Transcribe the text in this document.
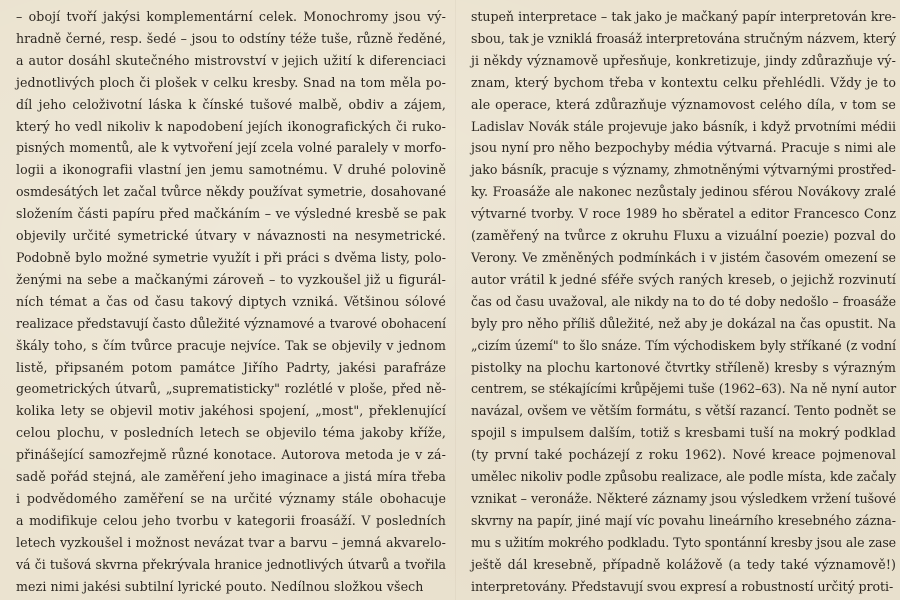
– obojí tvoří jakýsi komplementární celek. Monochromy jsou vý-
hradně černé, resp. šedé – jsou to odstíny téže tuše, různě ředěné,
a autor dosáhl skutečného mistrovství v jejich užití k diferenciaci
jednotlivých ploch či plošek v celku kresby. Snad na tom měla po-
díl jeho celoživotní láska k čínské tušové malbě, obdiv a zájem,
který ho vedl nikoliv k napodobení jejích ikonografických či ruko-
pisných momentů, ale k vytvoření její zcela volné paralely v morfo-
logii a ikonografii vlastní jen jemu samotnému. V druhé polovině
osmdesátých let začal tvůrce někdy používat symetrie, dosahované
složením části papíru před mačkáním – ve výsledné kresbě se pak
objevily určité symetrické útvary v návaznosti na nesymetrické.
Podobně bylo možné symetrie využít i při práci s dvěma listy, polo-
ženými na sebe a mačkanými zároveň – to vyzkoušel již u figurál-
ních témat a čas od času takový diptych vzniká. Většinou sólové
realizace představují často důležité významové a tvarové obohacení
škály toho, s čím tvůrce pracuje nejvíce. Tak se objevily v jednom
listě, připsaném potom památce Jiřího Padrty, jakési parafráze
geometrických útvarů, „suprematisticky" rozlétlé v ploše, před ně-
kolika lety se objevil motiv jakéhosi spojení, „most", překlenující
celou plochu, v posledních letech se objevilo téma jakoby kříže,
přinášející samozřejmě různé konotace. Autorova metoda je v zá-
sadě pořád stejná, ale zaměření jeho imaginace a jistá míra třeba
i podvědomého zaměření se na určité významy stále obohacuje
a modifikuje celou jeho tvorbu v kategorii froasáží. V posledních
letech vyzkoušel i možnost nevázat tvar a barvu – jemná akvarelo-
vá či tušová skvrna překrývala hranice jednotlivých útvarů a tvořila
mezi nimi jakési subtilní lyrické pouto. Nedílnou složkou všech
stupeň interpretace – tak jako je mačkaný papír interpretován kre-
sbou, tak je vzniklá froasáž interpretována stručným názvem, který
ji někdy významově upřesňuje, konkretizuje, jindy zdůrazňuje vý-
znam, který bychom třeba v kontextu celku přehlédli. Vždy je to
ale operace, která zdůrazňuje významovost celého díla, v tom se
Ladislav Novák stále projevuje jako básník, i když prvotními médii
jsou nyní pro něho bezpochyby média výtvarná. Pracuje s nimi ale
jako básník, pracuje s významy, zhmotněnými výtvarnými prostřed-
ky. Froasáže ale nakonec nezůstaly jedinou sférou Novákovy zralé
výtvarné tvorby. V roce 1989 ho sběratel a editor Francesco Conz
(zaměřený na tvůrce z okruhu Fluxu a vizuální poezie) pozval do
Verony. Ve změněných podmínkách i v jistém časovém omezení se
autor vrátil k jedné sféře svých raných kreseb, o jejichž rozvinutí
čas od času uvažoval, ale nikdy na to do té doby nedošlo – froasáže
byly pro něho příliš důležité, než aby je dokázal na čas opustit. Na
„cizím území" to šlo snáze. Tím východiskem byly stříkané (z vodní
pistolky na plochu kartonové čtvrtky stříleně) kresby s výrazným
centrem, se stékajícími krůpějemi tuše (1962–63). Na ně nyní autor
navázal, ovšem ve větším formátu, s větší razancí. Tento podnět se
spojil s impulsem dalším, totiž s kresbami tuší na mokrý podklad
(ty první také pocházejí z roku 1962). Nové kreace pojmenoval
umělec nikoliv podle způsobu realizace, ale podle místa, kde začaly
vznikat – veronáže. Některé záznamy jsou výsledkem vržení tušové
skvrny na papír, jiné mají víc povahu lineárního kresebného zázna-
mu s užitím mokrého podkladu. Tyto spontánní kresby jsou ale zase
ještě dál kresebně, případně kolážově (a tedy také významově!)
interpretovány. Představují svou expresí a robustností určitý proti-
